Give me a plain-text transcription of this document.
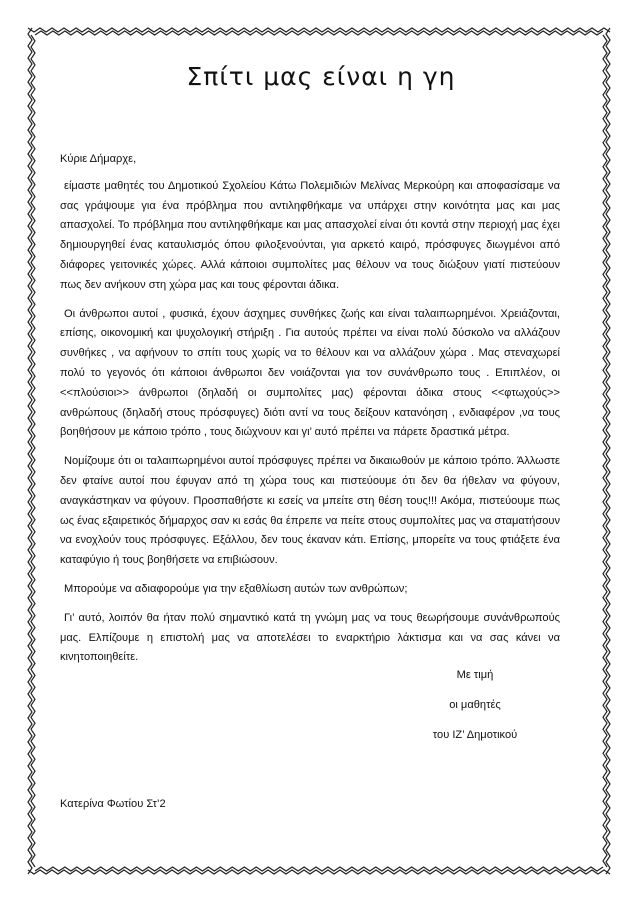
Σπίτι μας είναι η γη

Κύριε Δήμαρχε,

είμαστε μαθητές του Δημοτικού Σχολείου Κάτω Πολεμιδιών Μελίνας Μερκούρη και αποφασίσαμε να σας γράψουμε για ένα πρόβλημα που αντιληφθήκαμε να υπάρχει στην κοινότητα μας και μας απασχολεί. Το πρόβλημα που αντιληφθήκαμε και μας απασχολεί είναι ότι κοντά στην περιοχή μας έχει δημιουργηθεί ένας καταυλισμός όπου φιλοξενούνται, για αρκετό καιρό, πρόσφυγες διωγμένοι από διάφορες γειτονικές χώρες. Αλλά κάποιοι συμπολίτες μας θέλουν να τους διώξουν γιατί πιστεύουν πως δεν ανήκουν στη χώρα μας και τους φέρονται άδικα.

Οι άνθρωποι αυτοί , φυσικά, έχουν άσχημες συνθήκες ζωής και είναι ταλαιπωρημένοι. Χρειάζονται, επίσης, οικονομική και ψυχολογική στήριξη . Για αυτούς πρέπει να είναι πολύ δύσκολο να αλλάζουν συνθήκες , να αφήνουν το σπίτι τους χωρίς να το θέλουν και να αλλάζουν χώρα . Μας στεναχωρεί πολύ το γεγονός ότι κάποιοι άνθρωποι δεν νοιάζονται για τον συνάνθρωπο τους . Επιπλέον, οι <<πλούσιοι>> άνθρωποι (δηλαδή οι συμπολίτες μας) φέρονται άδικα στους <<φτωχούς>> ανθρώπους (δηλαδή στους πρόσφυγες) διότι αντί να τους δείξουν κατανόηση , ενδιαφέρον ,να τους βοηθήσουν με κάποιο τρόπο , τους διώχνουν και γι’ αυτό πρέπει να πάρετε δραστικά μέτρα.

Νομίζουμε ότι οι ταλαιπωρημένοι αυτοί πρόσφυγες πρέπει να δικαιωθούν με κάποιο τρόπο. Άλλωστε δεν φταίνε αυτοί που έφυγαν από τη χώρα τους και πιστεύουμε ότι δεν θα ήθελαν να φύγουν, αναγκάστηκαν να φύγουν. Προσπαθήστε κι εσείς να μπείτε στη θέση τους!!! Ακόμα, πιστεύουμε πως ως ένας εξαιρετικός δήμαρχος σαν κι εσάς θα έπρεπε να πείτε στους συμπολίτες μας να σταματήσουν να ενοχλούν τους πρόσφυγες. Εξάλλου, δεν τους έκαναν κάτι. Επίσης, μπορείτε να τους φτιάξετε ένα καταφύγιο ή τους βοηθήσετε να επιβιώσουν.

Μπορούμε να αδιαφορούμε για την εξαθλίωση αυτών των ανθρώπων;

Γι’ αυτό, λοιπόν θα ήταν πολύ σημαντικό κατά τη γνώμη μας να τους θεωρήσουμε συνάνθρωπούς μας. Ελπίζουμε η επιστολή μας να αποτελέσει το εναρκτήριο λάκτισμα και να σας κάνει να κινητοποιηθείτε.

Με τιμή
οι μαθητές
του ΙΖ’ Δημοτικού
Κατερίνα Φωτίου Στ’2
